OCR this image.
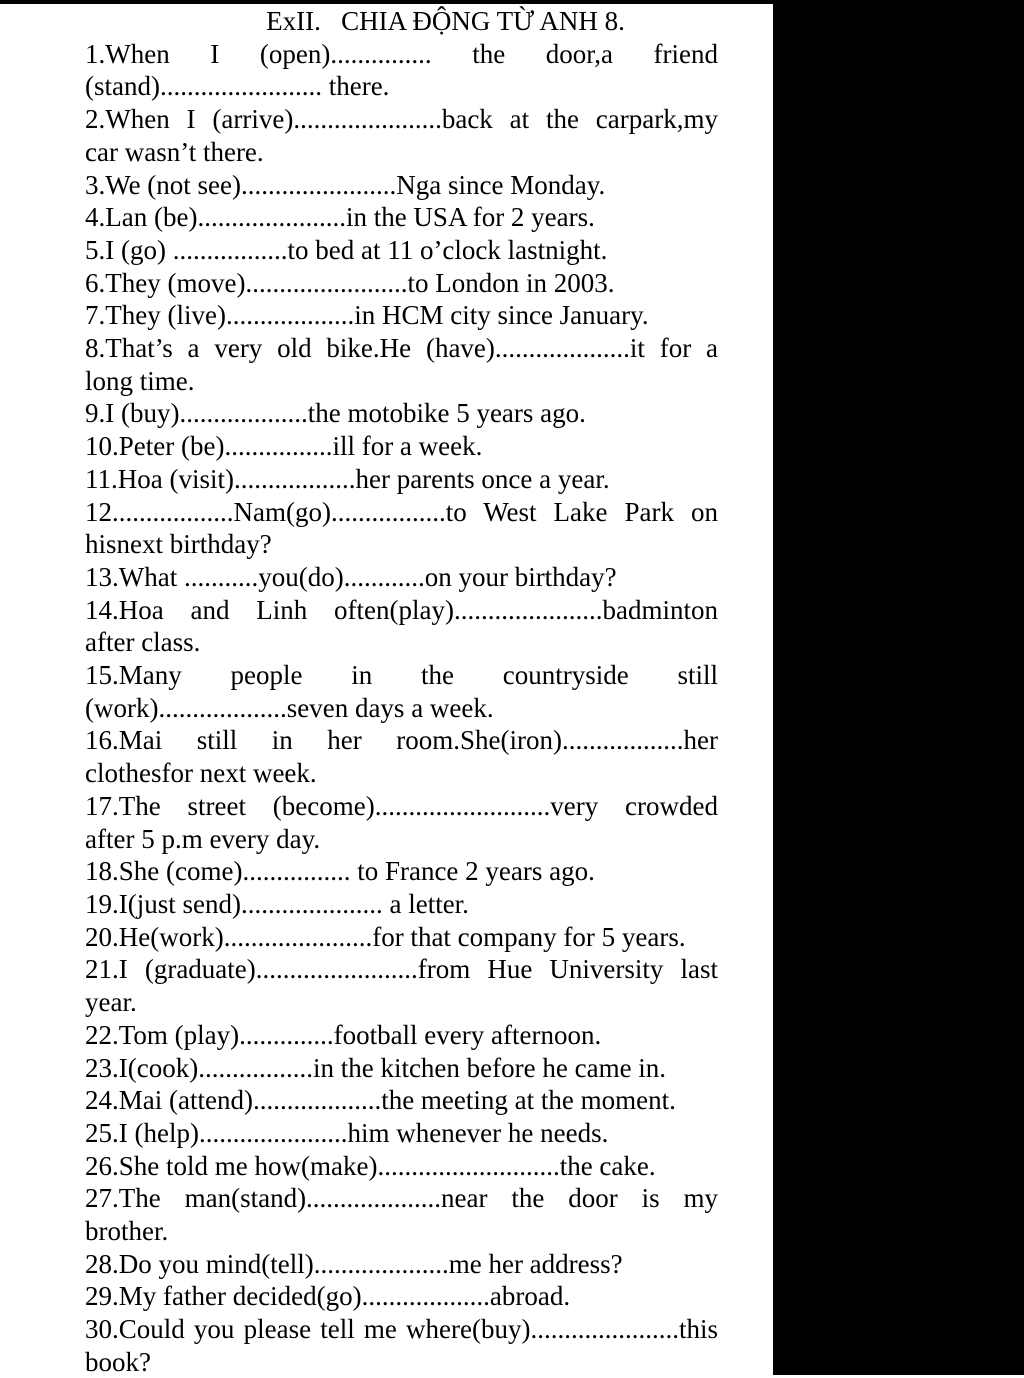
ExII.   CHIA ĐỘNG TỪ ANH 8.
1.When I (open)............... the door,a friend
(stand)........................ there.
2.When I (arrive)......................back at the carpark,my
car wasn’t there.
3.We (not see).......................Nga since Monday.
4.Lan (be)......................in the USA for 2 years.
5.I (go) .................to bed at 11 o’clock lastnight.
6.They (move)........................to London in 2003.
7.They (live)...................in HCM city since January.
8.That’s a very old bike.He (have)....................it for a
long time.
9.I (buy)...................the motobike 5 years ago.
10.Peter (be)................ill for a week.
11.Hoa (visit)..................her parents once a year.
12..................Nam(go).................to West Lake Park on
hisnext birthday?
13.What ...........you(do)............on your birthday?
14.Hoa and Linh often(play)......................badminton
after class.
15.Many people in the countryside still
(work)...................seven days a week.
16.Mai still in her room.She(iron)..................her
clothesfor next week.
17.The street (become)..........................very crowded
after 5 p.m every day.
18.She (come)................ to France 2 years ago.
19.I(just send)..................... a letter.
20.He(work)......................for that company for 5 years.
21.I (graduate)........................from Hue University last
year.
22.Tom (play)..............football every afternoon.
23.I(cook).................in the kitchen before he came in.
24.Mai (attend)...................the meeting at the moment.
25.I (help)......................him whenever he needs.
26.She told me how(make)...........................the cake.
27.The man(stand)....................near the door is my
brother.
28.Do you mind(tell)....................me her address?
29.My father decided(go)...................abroad.
30.Could you please tell me where(buy)......................this
book?
